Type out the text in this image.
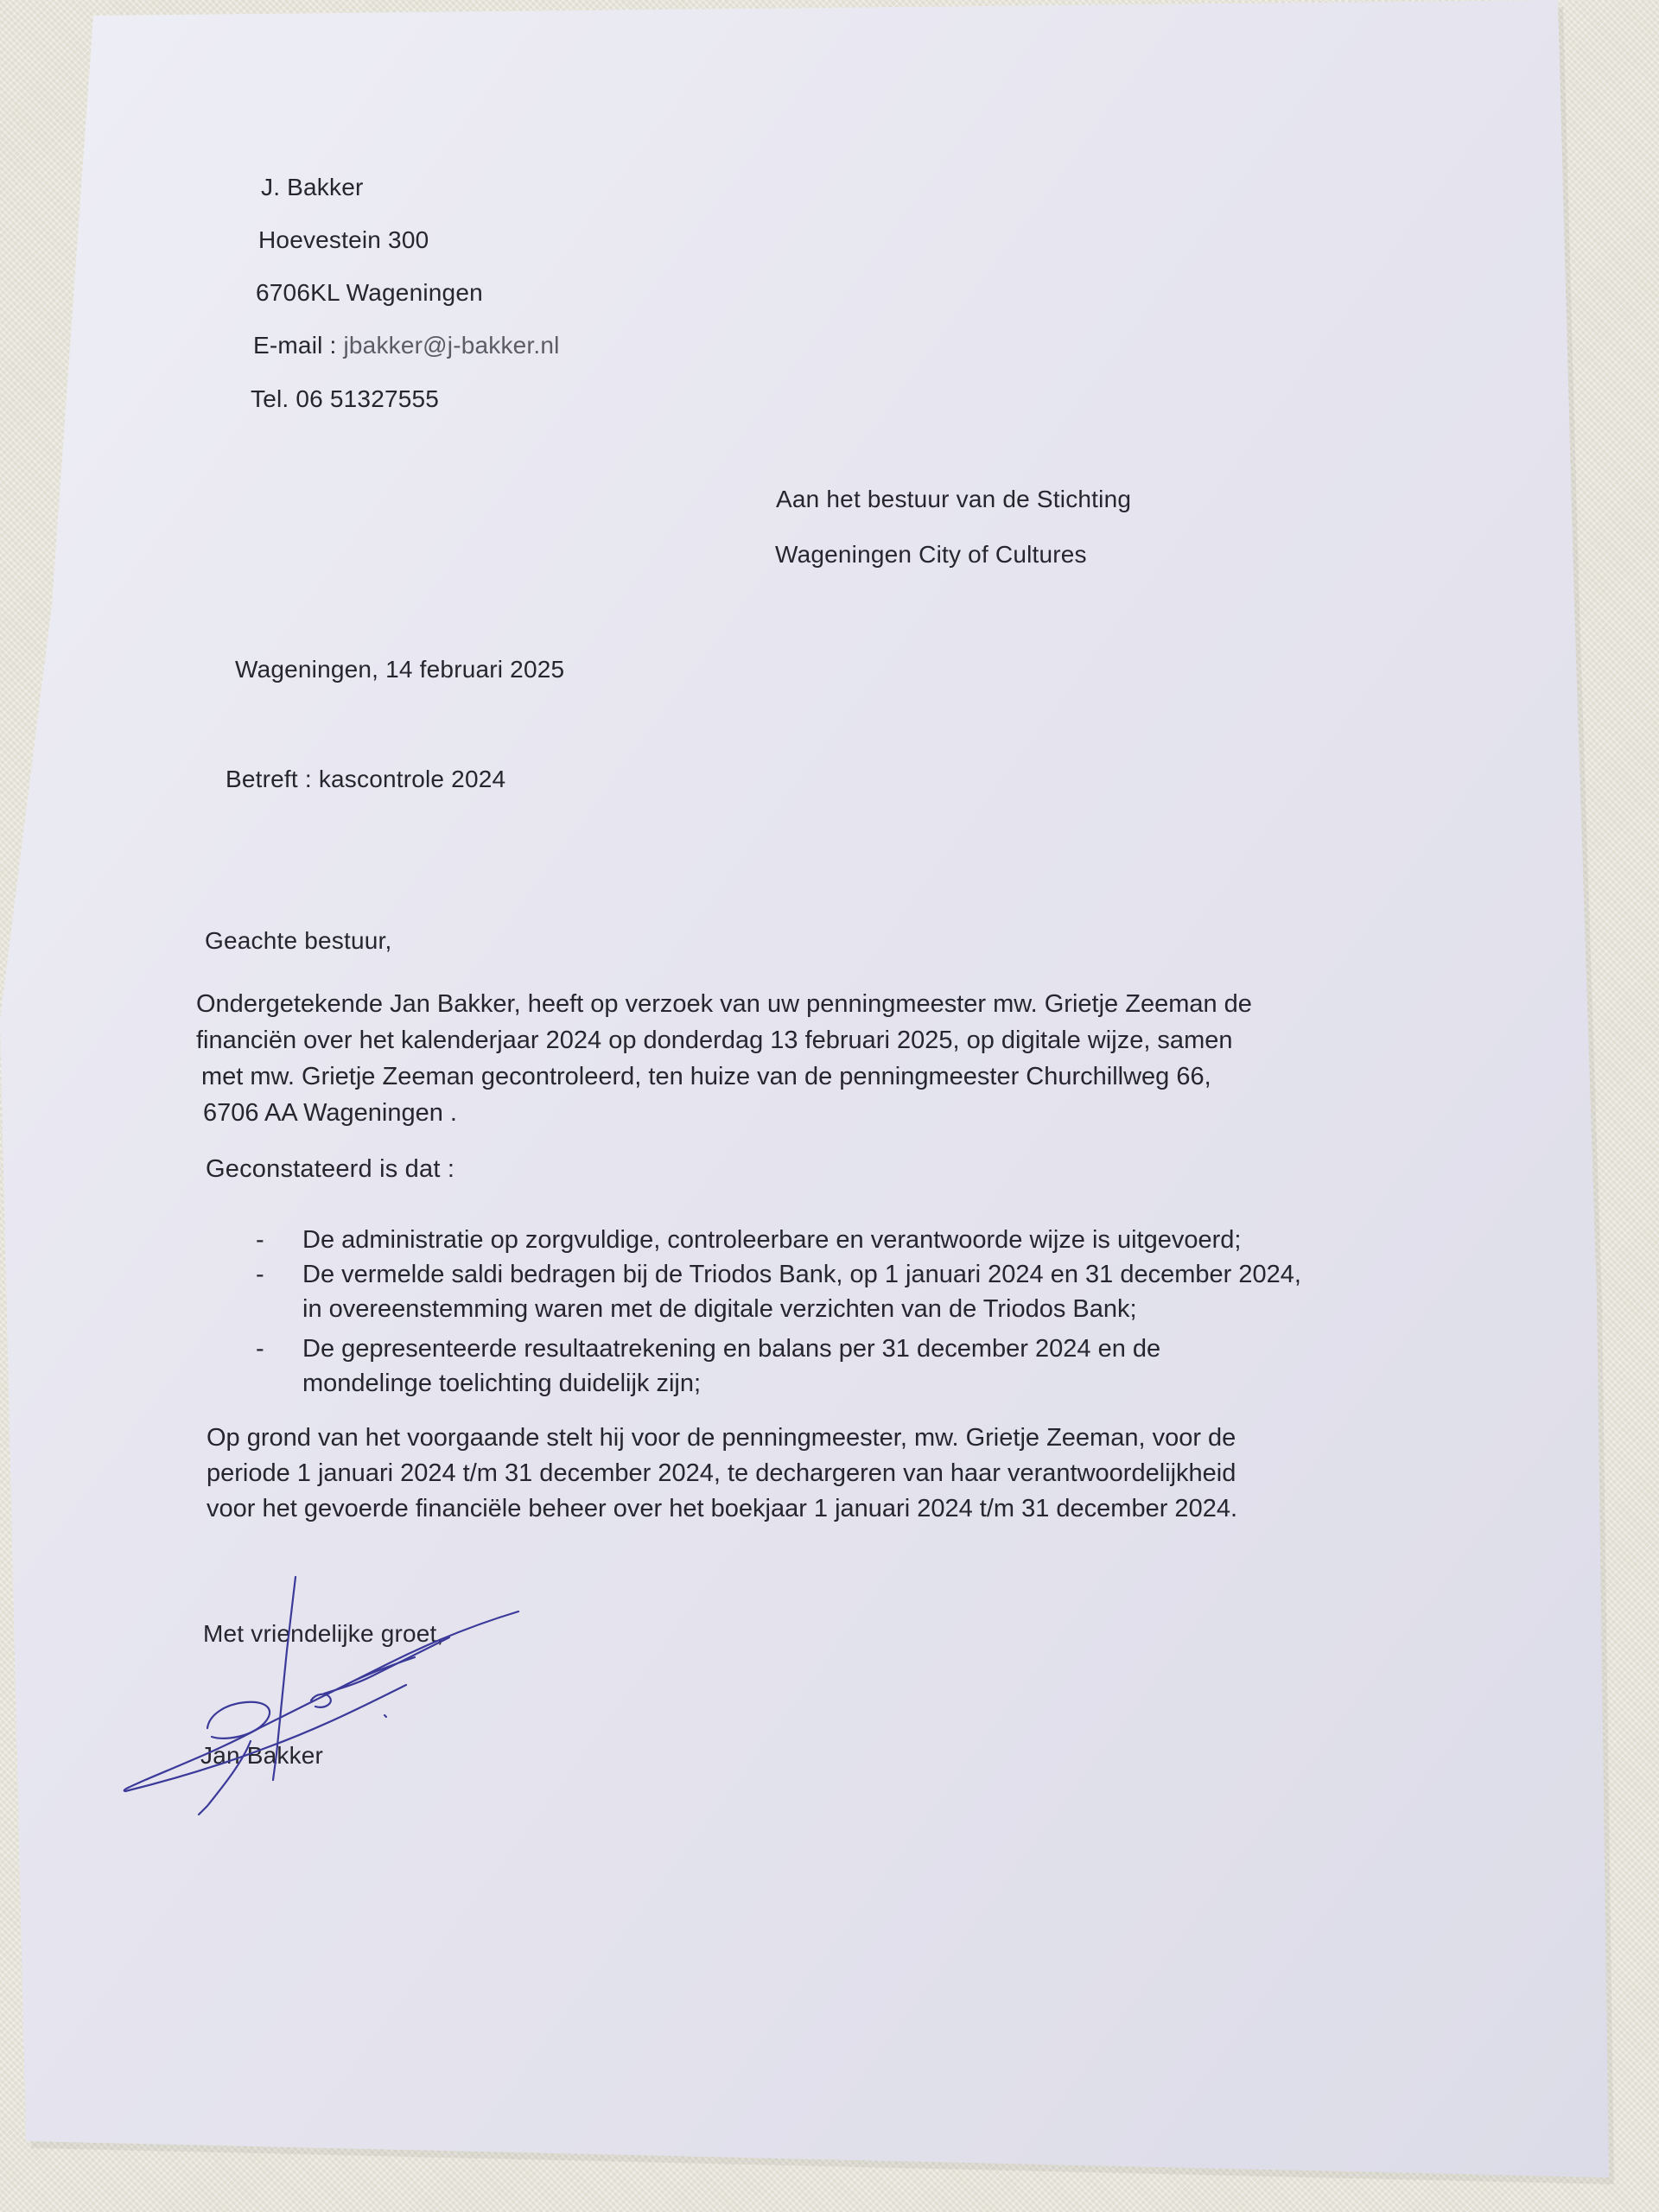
J. Bakker
Hoevestein 300
6706KL Wageningen
E-mail : jbakker@j-bakker.nl
Tel. 06 51327555
Aan het bestuur van de Stichting
Wageningen City of Cultures
Wageningen, 14 februari 2025
Betreft : kascontrole 2024
Geachte bestuur,
Ondergetekende Jan Bakker, heeft op verzoek van uw penningmeester mw. Grietje Zeeman de
financiën over het kalenderjaar 2024 op donderdag 13 februari 2025, op digitale wijze, samen
met mw. Grietje Zeeman gecontroleerd, ten huize van de penningmeester Churchillweg 66,
6706 AA Wageningen .
Geconstateerd is dat :
- De administratie op zorgvuldige, controleerbare en verantwoorde wijze is uitgevoerd;
- De vermelde saldi bedragen bij de Triodos Bank, op 1 januari 2024 en 31 december 2024,
in overeenstemming waren met de digitale verzichten van de Triodos Bank;
- De gepresenteerde resultaatrekening en balans per 31 december 2024 en de
mondelinge toelichting duidelijk zijn;
Op grond van het voorgaande stelt hij voor de penningmeester, mw. Grietje Zeeman, voor de
periode 1 januari 2024 t/m 31 december 2024, te dechargeren van haar verantwoordelijkheid
voor het gevoerde financiële beheer over het boekjaar 1 januari 2024 t/m 31 december 2024.
Met vriendelijke groet,
Jan Bakker
